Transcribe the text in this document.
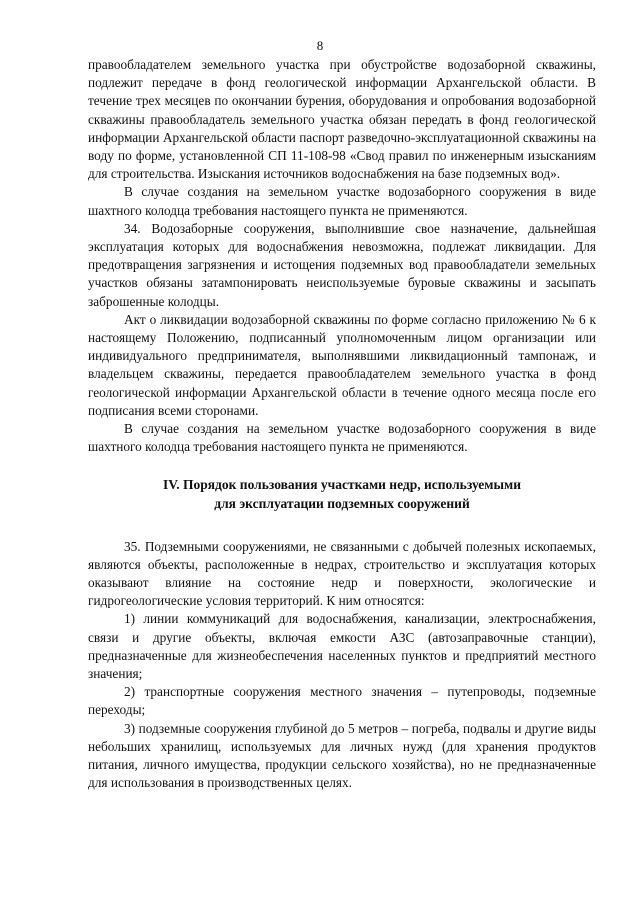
8

правообладателем земельного участка при обустройстве водозаборной скважины, подлежит передаче в фонд геологической информации Архангельской области. В течение трех месяцев по окончании бурения, оборудования и опробования водозаборной скважины правообладатель земельного участка обязан передать в фонд геологической информации Архангельской области паспорт разведочно-эксплуатационной скважины на воду по форме, установленной СП 11-108-98 «Свод правил по инженерным изысканиям для строительства. Изыскания источников водоснабжения на базе подземных вод».

В случае создания на земельном участке водозаборного сооружения в виде шахтного колодца требования настоящего пункта не применяются.

34. Водозаборные сооружения, выполнившие свое назначение, дальнейшая эксплуатация которых для водоснабжения невозможна, подлежат ликвидации. Для предотвращения загрязнения и истощения подземных вод правообладатели земельных участков обязаны затампонировать неиспользуемые буровые скважины и засыпать заброшенные колодцы.

Акт о ликвидации водозаборной скважины по форме согласно приложению № 6 к настоящему Положению, подписанный уполномоченным лицом организации или индивидуального предпринимателя, выполнявшими ликвидационный тампонаж, и владельцем скважины, передается правообладателем земельного участка в фонд геологической информации Архангельской области в течение одного месяца после его подписания всеми сторонами.

В случае создания на земельном участке водозаборного сооружения в виде шахтного колодца требования настоящего пункта не применяются.

IV. Порядок пользования участками недр, используемыми
для эксплуатации подземных сооружений

35. Подземными сооружениями, не связанными с добычей полезных ископаемых, являются объекты, расположенные в недрах, строительство и эксплуатация которых оказывают влияние на состояние недр и поверхности, экологические и гидрогеологические условия территорий. К ним относятся:

1) линии коммуникаций для водоснабжения, канализации, электроснабжения, связи и другие объекты, включая емкости АЗС (автозаправочные станции), предназначенные для жизнеобеспечения населенных пунктов и предприятий местного значения;

2) транспортные сооружения местного значения – путепроводы, подземные переходы;

3) подземные сооружения глубиной до 5 метров – погреба, подвалы и другие виды небольших хранилищ, используемых для личных нужд (для хранения продуктов питания, личного имущества, продукции сельского хозяйства), но не предназначенные для использования в производственных целях.
